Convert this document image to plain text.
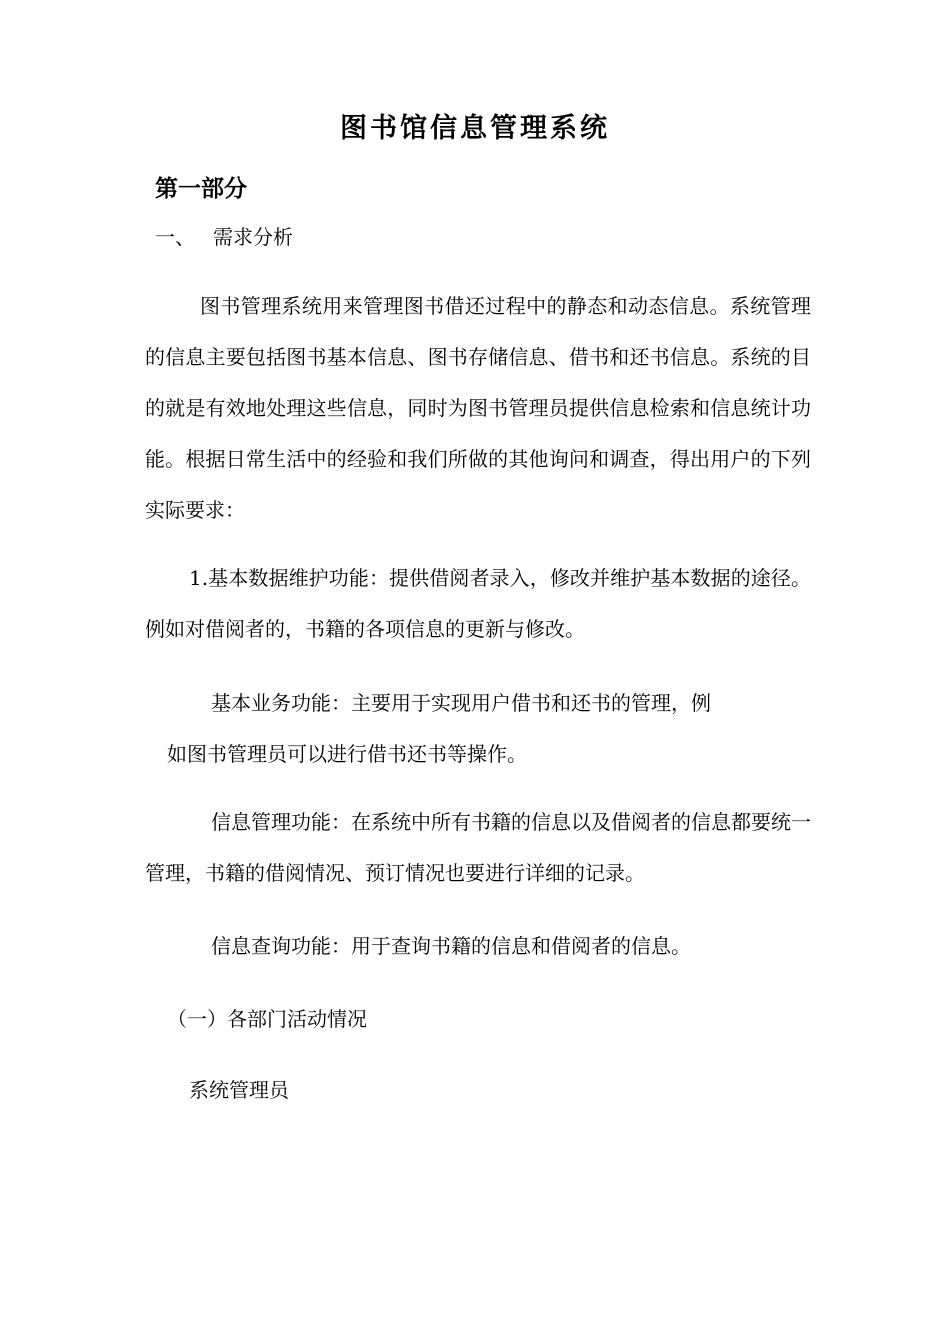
图书馆信息管理系统
第一部分
一、 需求分析

图书管理系统用来管理图书借还过程中的静态和动态信息。系统管理的信息主要包括图书基本信息、图书存储信息、借书和还书信息。系统的目的就是有效地处理这些信息，同时为图书管理员提供信息检索和信息统计功能。根据日常生活中的经验和我们所做的其他询问和调查，得出用户的下列实际要求：

1.基本数据维护功能：提供借阅者录入，修改并维护基本数据的途径。例如对借阅者的，书籍的各项信息的更新与修改。

基本业务功能：主要用于实现用户借书和还书的管理，例
如图书管理员可以进行借书还书等操作。

信息管理功能：在系统中所有书籍的信息以及借阅者的信息都要统一管理，书籍的借阅情况、预订情况也要进行详细的记录。

信息查询功能：用于查询书籍的信息和借阅者的信息。
（一）各部门活动情况
系统管理员
